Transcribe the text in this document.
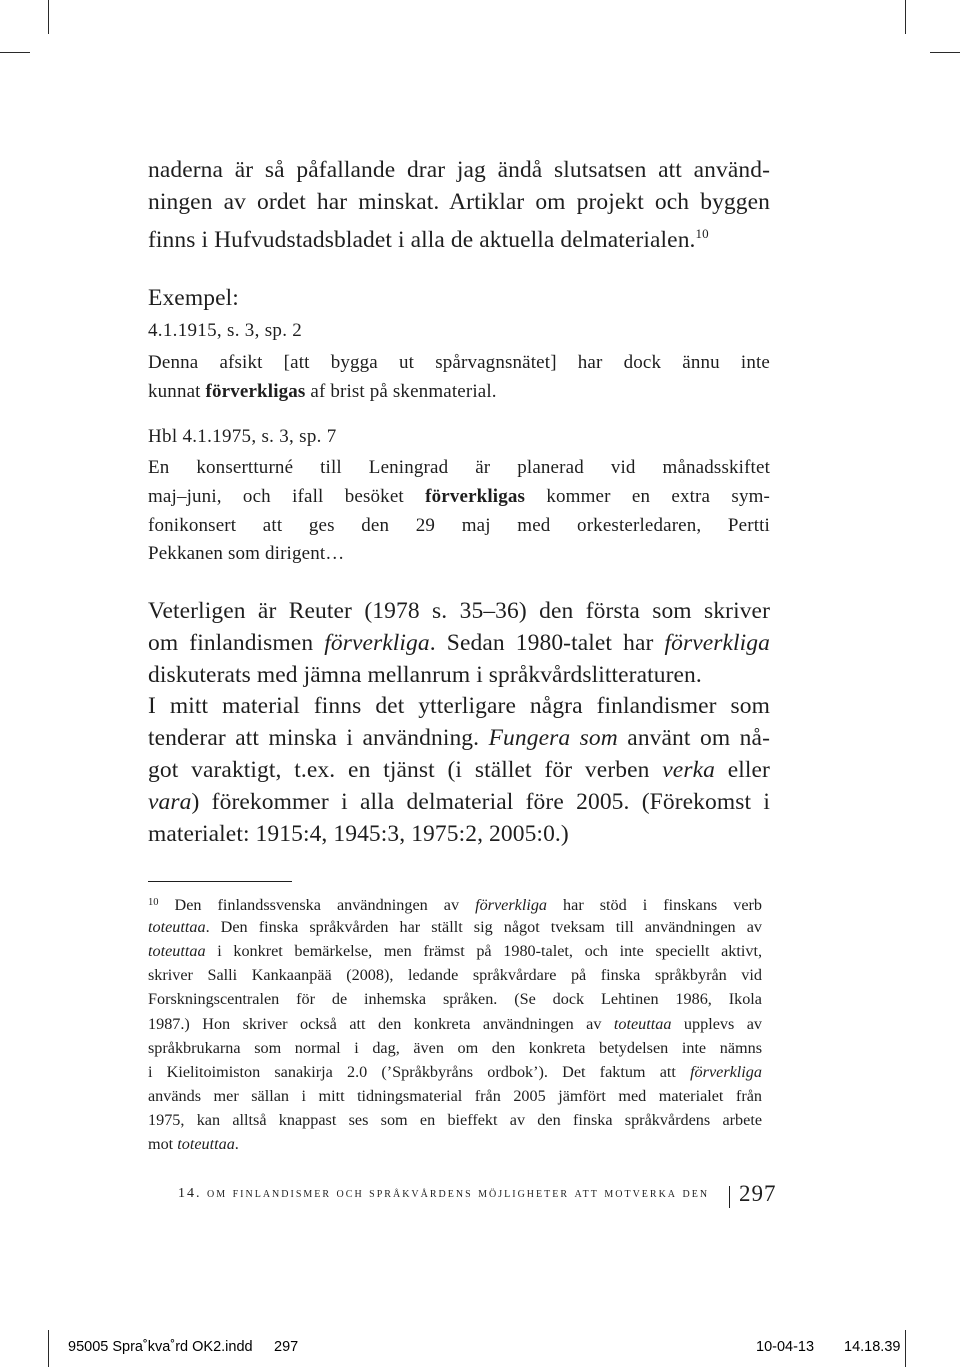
naderna är så påfallande drar jag ändå slutsatsen att använd-

ningen av ordet har minskat. Artiklar om projekt och byggen

finns i Hufvudstadsbladet i alla de aktuella delmaterialen.$^{10}$

Exempel:

4.1.1915, s. 3, sp. 2

Denna afsikt [att bygga ut spårvagnsnätet] har dock ännu inte

kunnat förverkligas af brist på skenmaterial.

Hbl 4.1.1975, s. 3, sp. 7

En konsertturné till Leningrad är planerad vid månadsskiftet

maj–juni, och ifall besöket förverkligas kommer en extra sym-

fonikonsert att ges den 29 maj med orkesterledaren, Pertti

Pekkanen som dirigent…

Veterligen är Reuter (1978 s. 35–36) den första som skriver

om finlandismen förverkliga. Sedan 1980-talet har förverkliga

diskuterats med jämna mellanrum i språkvårdslitteraturen.

I mitt material finns det ytterligare några finlandismer som

tenderar att minska i användning. Fungera som använt om nå-

got varaktigt, t.ex. en tjänst (i stället för verben verka eller

vara) förekommer i alla delmaterial före 2005. (Förekomst i

materialet: 1915:4, 1945:3, 1975:2, 2005:0.)

$^{10}$ Den finlandssvenska användningen av förverkliga har stöd i finskans verb

toteuttaa. Den finska språkvården har ställt sig något tveksam till användningen av

toteuttaa i konkret bemärkelse, men främst på 1980-talet, och inte speciellt aktivt,

skriver Salli Kankaanpää (2008), ledande språkvårdare på finska språkbyrån vid

Forskningscentralen för de inhemska språken. (Se dock Lehtinen 1986, Ikola

1987.) Hon skriver också att den konkreta användningen av toteuttaa upplevs av

språkbrukarna som normal i dag, även om den konkreta betydelsen inte nämns

i Kielitoimiston sanakirja 2.0 (’Språkbyråns ordbok’). Det faktum att förverkliga

används mer sällan i mitt tidningsmaterial från 2005 jämfört med materialet från

1975, kan alltså knappast ses som en bieffekt av den finska språkvårdens arbete

mot toteuttaa.

14. om finlandismer och språkvårdens möjligheter att motverka den 297
95005 Spra˚kva˚rd OK2.indd 297	10-04-13 14.18.39
